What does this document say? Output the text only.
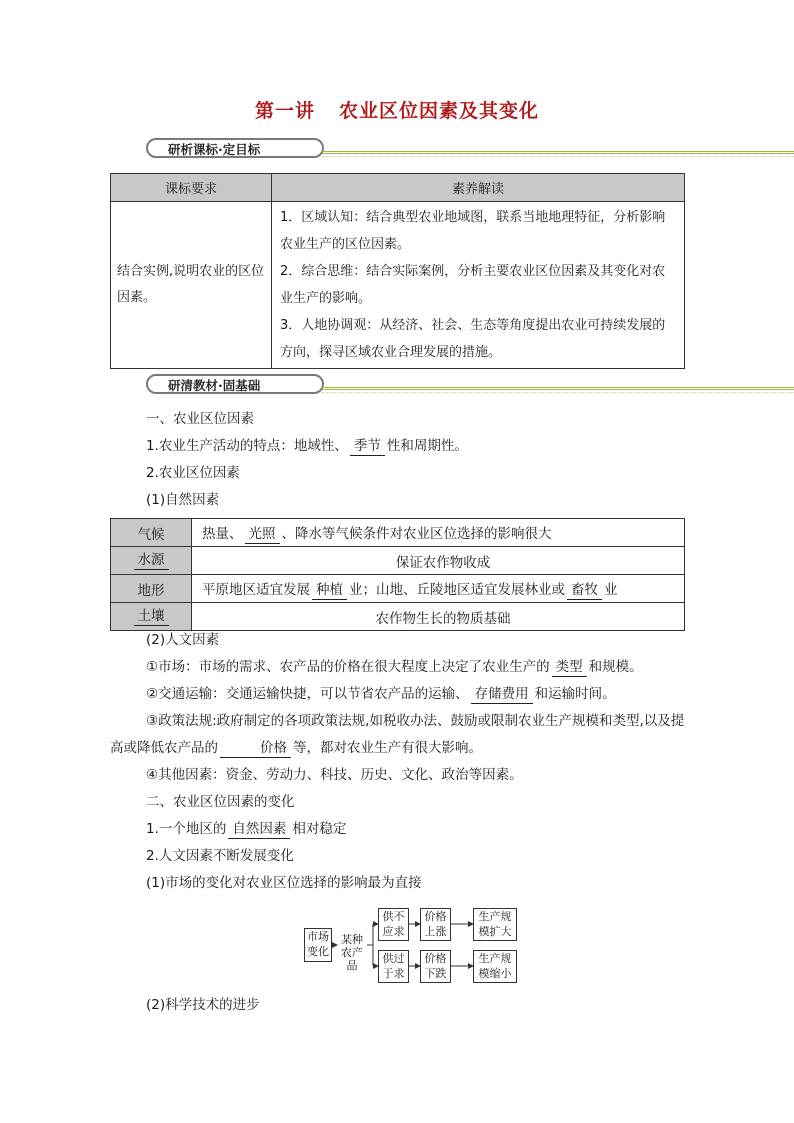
第一讲 农业区位因素及其变化
研析课标·定目标
课标要求	素养解读
结合实例,说明农业的区位因素。	1．区域认知：结合典型农业地域图，联系当地地理特征，分析影响农业生产的区位因素。
2．综合思维：结合实际案例，分析主要农业区位因素及其变化对农业生产的影响。
3．人地协调观：从经济、社会、生态等角度提出农业可持续发展的方向，探寻区域农业合理发展的措施。
研清教材·固基础
一、农业区位因素
1.农业生产活动的特点：地域性、 季节 性和周期性。
2.农业区位因素
(1)自然因素
气候	热量、 光照 、降水等气候条件对农业区位选择的影响很大
水源	保证农作物收成
地形	平原地区适宜发展 种植 业；山地、丘陵地区适宜发展林业或 畜牧 业
土壤	农作物生长的物质基础
(2)人文因素
①市场：市场的需求、农产品的价格在很大程度上决定了农业生产的 类型 和规模。
②交通运输：交通运输快捷，可以节省农产品的运输、 存储费用 和运输时间。
③政策法规:政府制定的各项政策法规,如税收办法、鼓励或限制农业生产规模和类型,以及提高或降低农产品的	价格 等，都对农业生产有很大影响。
④其他因素：资金、劳动力、科技、历史、文化、政治等因素。
二、农业区位因素的变化
1.一个地区的 自然因素 相对稳定
2.人文因素不断发展变化
(1)市场的变化对农业区位选择的影响最为直接
市场变化
某种农产品
供不应求
供过于求
价格上涨
价格下跌
生产规模扩大
生产规模缩小
(2)科学技术的进步
